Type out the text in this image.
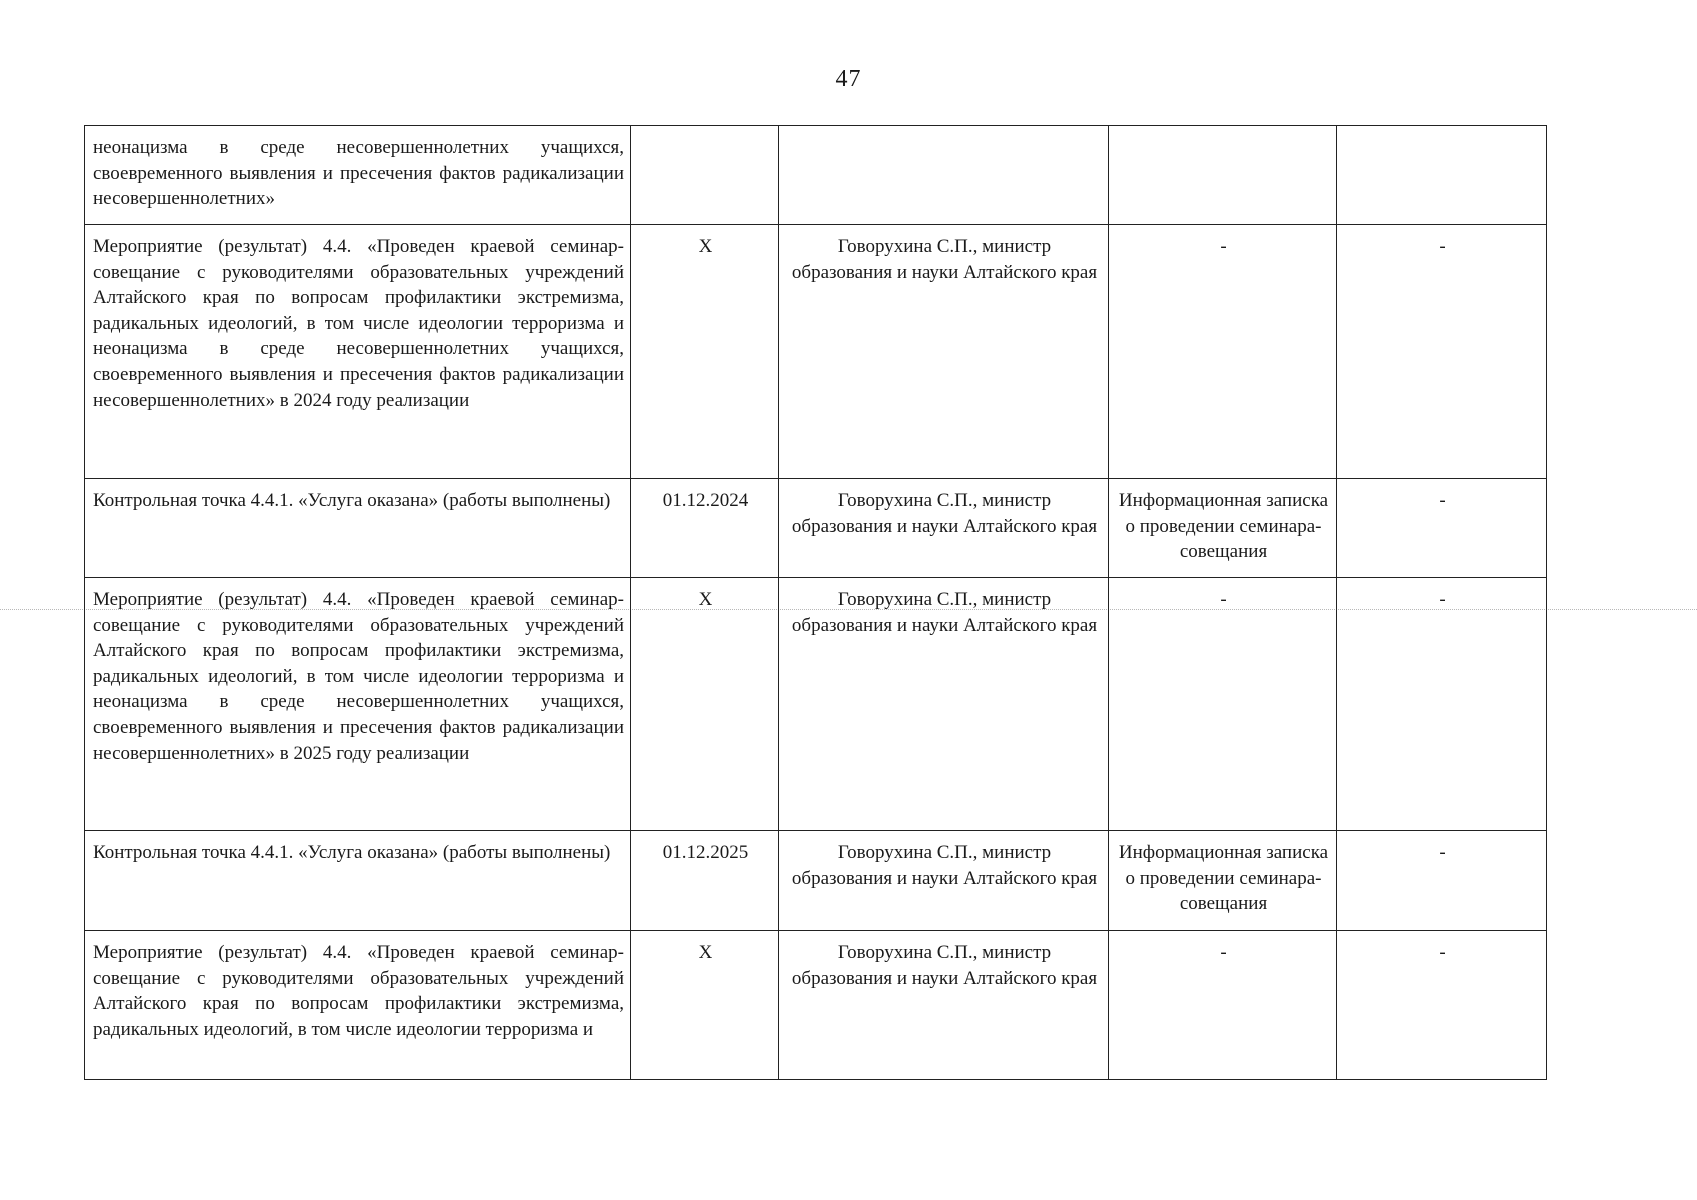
47
неонацизма в среде несовершеннолетних учащихся, своевременного выявления и пресечения фактов радикализации несовершеннолетних»				
Мероприятие (результат) 4.4. «Проведен краевой семинар-совещание с руководителями образовательных учреждений Алтайского края по вопросам профилактики экстремизма, радикальных идеологий, в том числе идеологии терроризма и неонацизма в среде несовершеннолетних учащихся, своевременного выявления и пресечения фактов радикализации несовершеннолетних» в 2024 году реализации	X	Говорухина С.П., министр образования и науки Алтайского края	-	-
Контрольная точка 4.4.1. «Услуга оказана» (работы выполнены)	01.12.2024	Говорухина С.П., министр образования и науки Алтайского края	Информационная записка о проведении семинара-совещания	-
Мероприятие (результат) 4.4. «Проведен краевой семинар-совещание с руководителями образовательных учреждений Алтайского края по вопросам профилактики экстремизма, радикальных идеологий, в том числе идеологии терроризма и неонацизма в среде несовершеннолетних учащихся, своевременного выявления и пресечения фактов радикализации несовершеннолетних» в 2025 году реализации	X	Говорухина С.П., министр образования и науки Алтайского края	-	-
Контрольная точка 4.4.1. «Услуга оказана» (работы выполнены)	01.12.2025	Говорухина С.П., министр образования и науки Алтайского края	Информационная записка о проведении семинара-совещания	-
Мероприятие (результат) 4.4. «Проведен краевой семинар-совещание с руководителями образовательных учреждений Алтайского края по вопросам профилактики экстремизма, радикальных идеологий, в том числе идеологии терроризма и	X	Говорухина С.П., министр образования и науки Алтайского края	-	-
